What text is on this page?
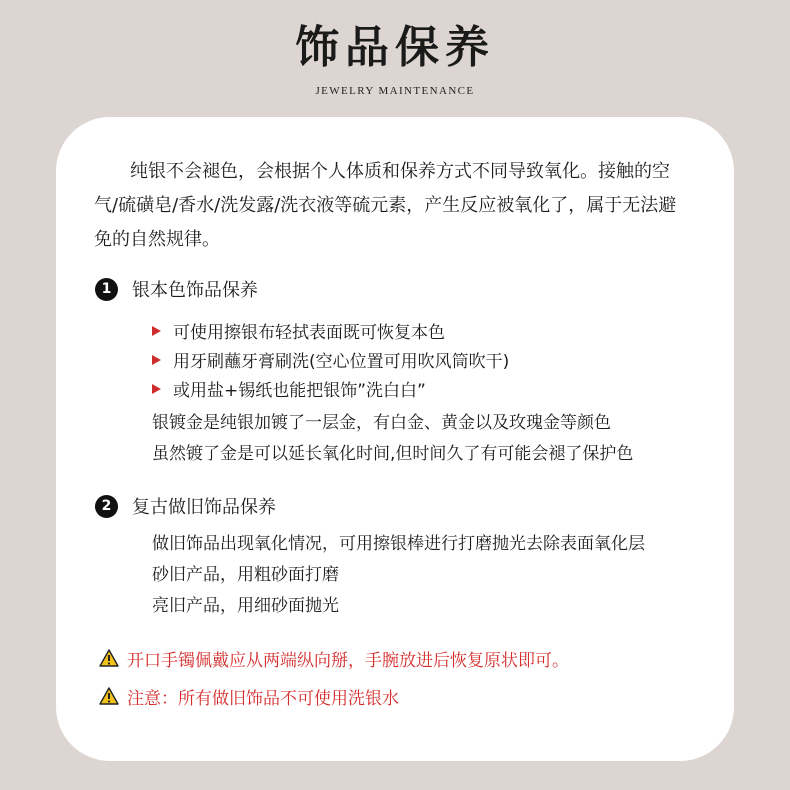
饰品保养
JEWELRY MAINTENANCE

纯银不会褪色，会根据个人体质和保养方式不同导致氧化。接触的空气/硫磺皂/香水/洗发露/洗衣液等硫元素，产生反应被氧化了，属于无法避免的自然规律。

1	银本色饰品保养
可使用擦银布轻拭表面既可恢复本色
用牙刷蘸牙膏刷洗(空心位置可用吹风筒吹干)
或用盐+锡纸也能把银饰”洗白白”
银镀金是纯银加镀了一层金，有白金、黄金以及玫瑰金等颜色
虽然镀了金是可以延长氧化时间,但时间久了有可能会褪了保护色
2	复古做旧饰品保养
做旧饰品出现氧化情况，可用擦银棒进行打磨抛光去除表面氧化层
砂旧产品，用粗砂面打磨
亮旧产品，用细砂面抛光
开口手镯佩戴应从两端纵向掰，手腕放进后恢复原状即可。
注意：所有做旧饰品不可使用洗银水
